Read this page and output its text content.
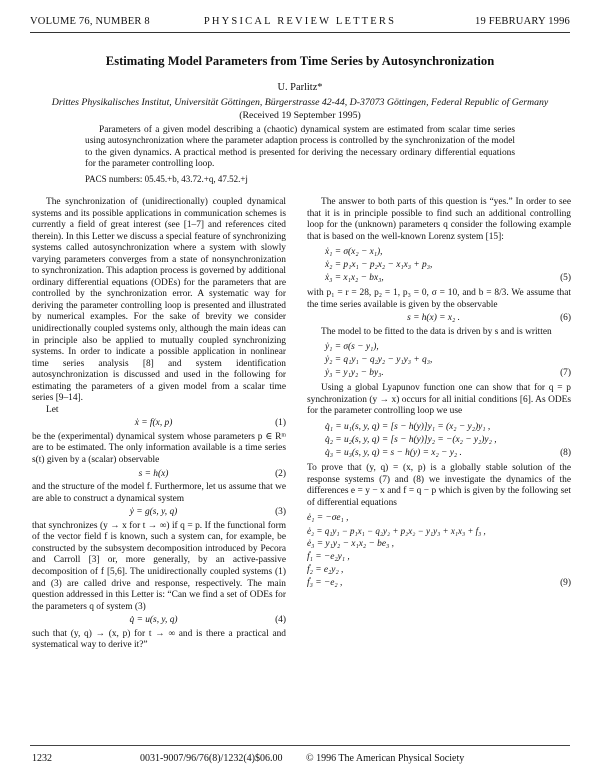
VOLUME 76, NUMBER 8	PHYSICAL REVIEW LETTERS	19 FEBRUARY 1996
Estimating Model Parameters from Time Series by Autosynchronization
U. Parlitz*
Drittes Physikalisches Institut, Universität Göttingen, Bürgerstrasse 42-44, D-37073 Göttingen, Federal Republic of Germany
(Received 19 September 1995)
Parameters of a given model describing a (chaotic) dynamical system are estimated from scalar time series using autosynchronization where the parameter adaption process is controlled by the synchronization of the model to the given dynamics. A practical method is presented for deriving the necessary ordinary differential equations for the parameter controlling loop.
PACS numbers: 05.45.+b, 43.72.+q, 47.52.+j

The synchronization of (unidirectionally) coupled dynamical systems and its possible applications in communication schemes is currently a field of great interest (see [1–7] and references cited therein). In this Letter we discuss a special feature of synchronizing systems called autosynchronization where a system with slowly varying parameters converges from a state of nonsynchronization to synchronization. This adaption process is governed by additional ordinary differential equations (ODEs) for the parameters that are controlled by the synchronization error. A systematic way for deriving the parameter controlling loop is presented and illustrated by numerical examples. For the sake of brevity we consider unidirectionally coupled systems only, although the main ideas can in principle also be applied to mutually coupled synchronizing systems. In order to indicate a possible application in nonlinear time series analysis [8] and system identification autosynchronization is discussed and used in the following for estimating the parameters of a given model from a scalar time series [9–14].

Let

ẋ = f(x, p)	(1)

be the (experimental) dynamical system whose parameters p ∈ Rᵐ are to be estimated. The only information available is a time series s(t) given by a (scalar) observable

s = h(x)	(2)

and the structure of the model f. Furthermore, let us assume that we are able to construct a dynamical system

ẏ = g(s, y, q)	(3)

that synchronizes (y → x for t → ∞) if q = p. If the functional form of the vector field f is known, such a system can, for example, be constructed by the subsystem decomposition introduced by Pecora and Carroll [3] or, more generally, by an active-passive decomposition of f [5,6]. The unidirectionally coupled systems (1) and (3) are called drive and response, respectively. The main question addressed in this Letter is: “Can we find a set of ODEs for the parameters q of system (3)

q̇ = u(s, y, q)	(4)

such that (y, q) → (x, p) for t → ∞ and is there a practical and systematical way to derive it?”

The answer to both parts of this question is “yes.” In order to see that it is in principle possible to find such an additional controlling loop for the (unknown) parameters q consider the following example that is based on the well-known Lorenz system [15]:

ẋ₁ = σ(x₂ − x₁),
ẋ₂ = p₁x₁ − p₂x₂ − x₁x₃ + p₃,
ẋ₃ = x₁x₂ − bx₃,	(5)

with p₁ = r = 28, p₂ = 1, p₃ = 0, σ = 10, and b = 8/3. We assume that the time series available is given by the observable

s = h(x) = x₂ .	(6)

The model to be fitted to the data is driven by s and is written

ẏ₁ = σ(s − y₁),
ẏ₂ = q₁y₁ − q₂y₂ − y₁y₃ + q₃,
ẏ₃ = y₁y₂ − by₃.	(7)

Using a global Lyapunov function one can show that for q = p synchronization (y → x) occurs for all initial conditions [6]. As ODEs for the parameter controlling loop we use

q̇₁ = u₁(s, y, q) = [s − h(y)]y₁ = (x₂ − y₂)y₁ ,
q̇₂ = u₂(s, y, q) = [s − h(y)]y₂ = −(x₂ − y₂)y₂ ,
q̇₃ = u₃(s, y, q) = s − h(y) = x₂ − y₂ .	(8)

To prove that (y, q) = (x, p) is a globally stable solution of the response systems (7) and (8) we investigate the dynamics of the differences e = y − x and f = q − p which is given by the following set of differential equations

ė₁ = −σe₁ ,
ė₂ = q₁y₁ − p₁x₁ − q₂y₂ + p₂x₂ − y₁y₃ + x₁x₃ + f₃ ,
ė₃ = y₁y₂ − x₁x₂ − be₃ ,
ḟ₁ = −e₂y₁ ,
ḟ₂ = e₂y₂ ,
ḟ₃ = −e₂ ,	(9)
1232	0031-9007/96/76(8)/1232(4)$06.00 © 1996 The American Physical Society
